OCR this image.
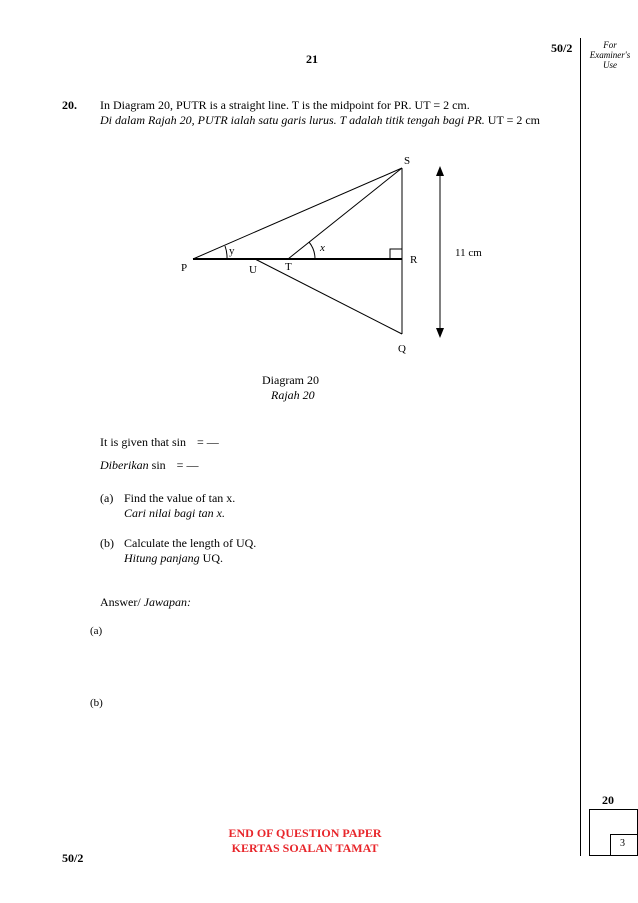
21
50/2	For
Examiner's
Use
20. In Diagram 20, PUTR is a straight line. T is the midpoint for PR. UT = 2 cm.
Di dalam Rajah 20, PUTR ialah satu garis lurus. T adalah titik tengah bagi PR. UT = 2 cm
S
P	U	T
R
Q
y	x	11 cm
Diagram 20
Rajah 20
It is given that sin = —
Diberikan sin = —
(a) Find the value of tan x.
Cari nilai bagi tan x.
(b) Calculate the length of UQ.
Hitung panjang UQ.
Answer/ Jawapan:
(a)
(b)
20
3
END OF QUESTION PAPER
KERTAS SOALAN TAMAT
50/2
